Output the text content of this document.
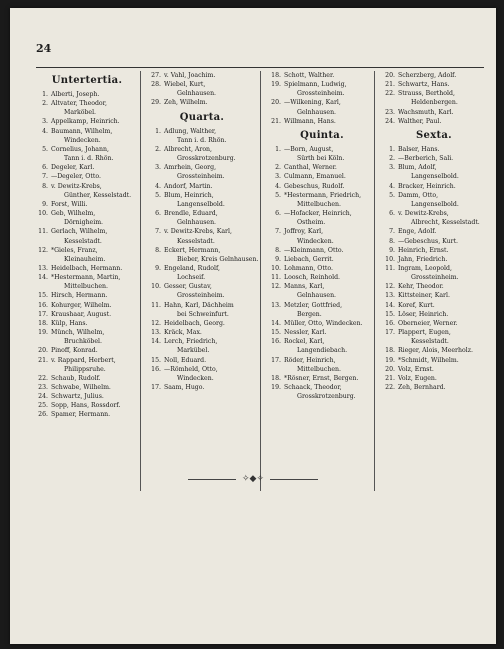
24
Untertertia.
1. Alberti, Joseph.
2. Altvater, Theodor,
Marköbel.
3. Appelkamp, Heinrich.
4. Baumann, Wilhelm,
Windecken.
5. Cornelius, Johann,
Tann i. d. Rhön.
6. Degeler, Karl.
7. —Degeler, Otto.
8. v. Dewitz-Krebs,
Günther, Kesselstadt.
9. Forst, Willi.
10. Geb, Wilhelm,
Dörnigheim.
11. Gerlach, Wilhelm,
Kesselstadt.
12. *Gieles, Franz,
Kleinauheim.
13. Heidelbach, Hermann.
14. *Hestermann, Martin,
Mittelbuchen.
15. Hirsch, Hermann.
16. Kohurger, Wilhelm.
17. Kraushaar, August.
18. Külp, Hans.
19. Münch, Wilhelm,
Bruchköbel.
20. Pinoff, Konrad.
21. v. Rappard, Herbert,
Philippsruhe.
22. Schaub, Rudolf.
23. Schwabe, Wilhelm.
24. Schwartz, Julius.
25. Sopp, Hans, Rossdorf.
26. Spamer, Hermann.
27. v. Vahl, Joachim.
28. Wiebel, Kurt,
Gelnhausen.
29. Zeh, Wilhelm.
Quarta.
1. Adlung, Walther,
Tann i. d. Rhön.
2. Albrecht, Aron,
Grosskrotzenburg.
3. Amrhein, Georg,
Grossteinheim.
4. Andorf, Martin.
5. Blum, Heinrich,
Langenselbold.
6. Brendle, Eduard,
Gelnhausen.
7. v. Dewitz-Krebs, Karl,
Kesselstadt.
8. Eckert, Hermann,
Bieber, Kreis Gelnhausen.
9. Engeland, Rudolf,
Lochseif.
10. Gesser, Gustav,
Grossteinheim.
11. Hahn, Karl, Dächheim
bei Schweinfurt.
12. Heidelbach, Georg.
13. Kräck, Max.
14. Lerch, Friedrich,
Markübel.
15. Noll, Eduard.
16. —Römheld, Otto,
Windecken.
17. Saam, Hugo.
18. Schott, Walther.
19. Spielmann, Ludwig,
Grossteinheim.
20. —Wilkening, Karl,
Gelnhausen.
21. Willmann, Hans.
Quinta.
1. —Born, August,
Sürth bei Köln.
2. Canthal, Werner.
3. Culmann, Emanuel.
4. Gebeschus, Rudolf.
5. *Hestermann, Friedrich,
Mittelbuchen.
6. —Hofacker, Heinrich,
Ostheim.
7. Joffroy, Karl,
Windecken.
8. —Kleinmann, Otto.
9. Liebach, Gerrit.
10. Lohmann, Otto.
11. Loosch, Reinhold.
12. Manns, Karl,
Gelnhausen.
13. Metzler, Gottfried,
Bergen.
14. Müller, Otto, Windecken.
15. Nessler, Karl.
16. Rockel, Karl,
Langendiebach.
17. Röder, Heinrich,
Mittelbuchen.
18. *Rösner, Ernst, Bergen.
19. Schaack, Theodor,
Grosskrotzenburg.
20. Scherzberg, Adolf.
21. Schwartz, Hans.
22. Strauss, Berthold,
Heldenbergen.
23. Wachsmuth, Karl.
24. Walther, Paul.
Sexta.
1. Balser, Hans.
2. —Berberich, Sali.
3. Blum, Adolf,
Langenselbold.
4. Bracker, Heinrich.
5. Damm, Otto,
Langenselbold.
6. v. Dewitz-Krebs,
Albrecht, Kesselstadt.
7. Enge, Adolf.
8. —Gebeschus, Kurt.
9. Heinrich, Ernst.
10. Jahn, Friedrich.
11. Ingram, Leopold,
Grossteinheim.
12. Kehr, Theodor.
13. Kittsteiner, Karl.
14. Koref, Kurt.
15. Löser, Heinrich.
16. Oberneier, Werner.
17. Plappert, Eugen,
Kesselstadt.
18. Rieger, Alois, Meerholz.
19. *Schmidt, Wilhelm.
20. Volz, Ernst.
21. Volz, Eugen.
22. Zeh, Bernhard.
✧◆✧
